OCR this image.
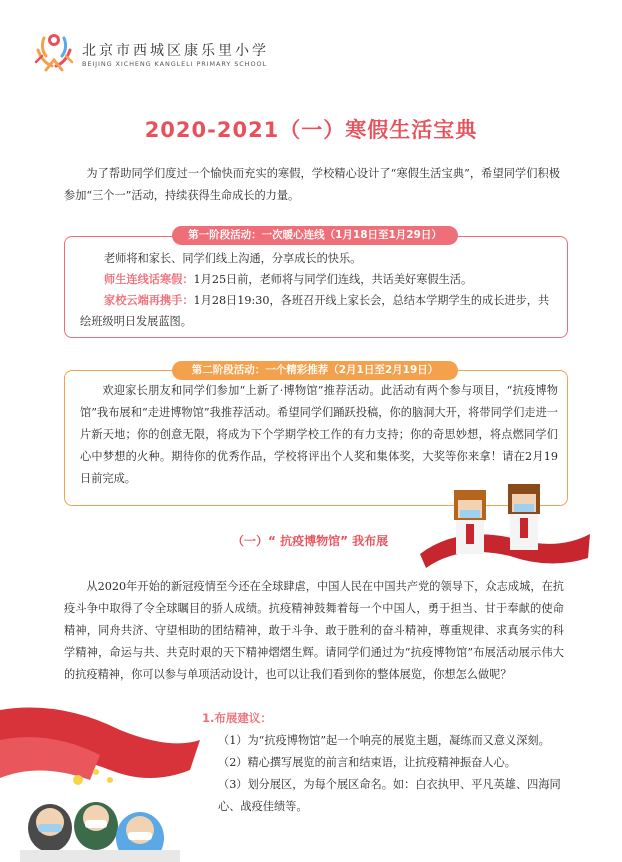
北京市西城区康乐里小学
BEIJING XICHENG KANGLELI PRIMARY SCHOOL
2020-2021（一）寒假生活宝典

为了帮助同学们度过一个愉快而充实的寒假，学校精心设计了“寒假生活宝典”，希望同学们积极参加“三个一”活动，持续获得生命成长的力量。

第一阶段活动：一次暖心连线（1月18日至1月29日）
老师将和家长、同学们线上沟通，分享成长的快乐。
师生连线话寒假：1月25日前，老师将与同学们连线，共话美好寒假生活。
家校云端再携手：1月28日19:30，各班召开线上家长会，总结本学期学生的成长进步，共绘班级明日发展蓝图。
第二阶段活动：一个精彩推荐（2月1日至2月19日）

欢迎家长朋友和同学们参加“上新了·博物馆”推荐活动。此活动有两个参与项目，“抗疫博物馆”我布展和“走进博物馆”我推荐活动。希望同学们踊跃投稿，你的脑洞大开，将带同学们走进一片新天地；你的创意无限，将成为下个学期学校工作的有力支持；你的奇思妙想，将点燃同学们心中梦想的火种。期待你的优秀作品，学校将评出个人奖和集体奖，大奖等你来拿！请在2月19日前完成。

（一）“ 抗疫博物馆” 我布展

从2020年开始的新冠疫情至今还在全球肆虐，中国人民在中国共产党的领导下，众志成城，在抗疫斗争中取得了令全球瞩目的骄人成绩。抗疫精神鼓舞着每一个中国人，勇于担当、甘于奉献的使命精神，同舟共济、守望相助的团结精神，敢于斗争、敢于胜利的奋斗精神，尊重规律、求真务实的科学精神，命运与共、共克时艰的天下精神熠熠生辉。请同学们通过为“抗疫博物馆”布展活动展示伟大的抗疫精神，你可以参与单项活动设计，也可以让我们看到你的整体展览，你想怎么做呢？

1.布展建议：
（1）为“抗疫博物馆”起一个响亮的展览主题，凝练而又意义深刻。
（2）精心撰写展览的前言和结束语，让抗疫精神振奋人心。
（3）划分展区，为每个展区命名。如：白衣执甲、平凡英雄、四海同心、战疫佳绩等。
